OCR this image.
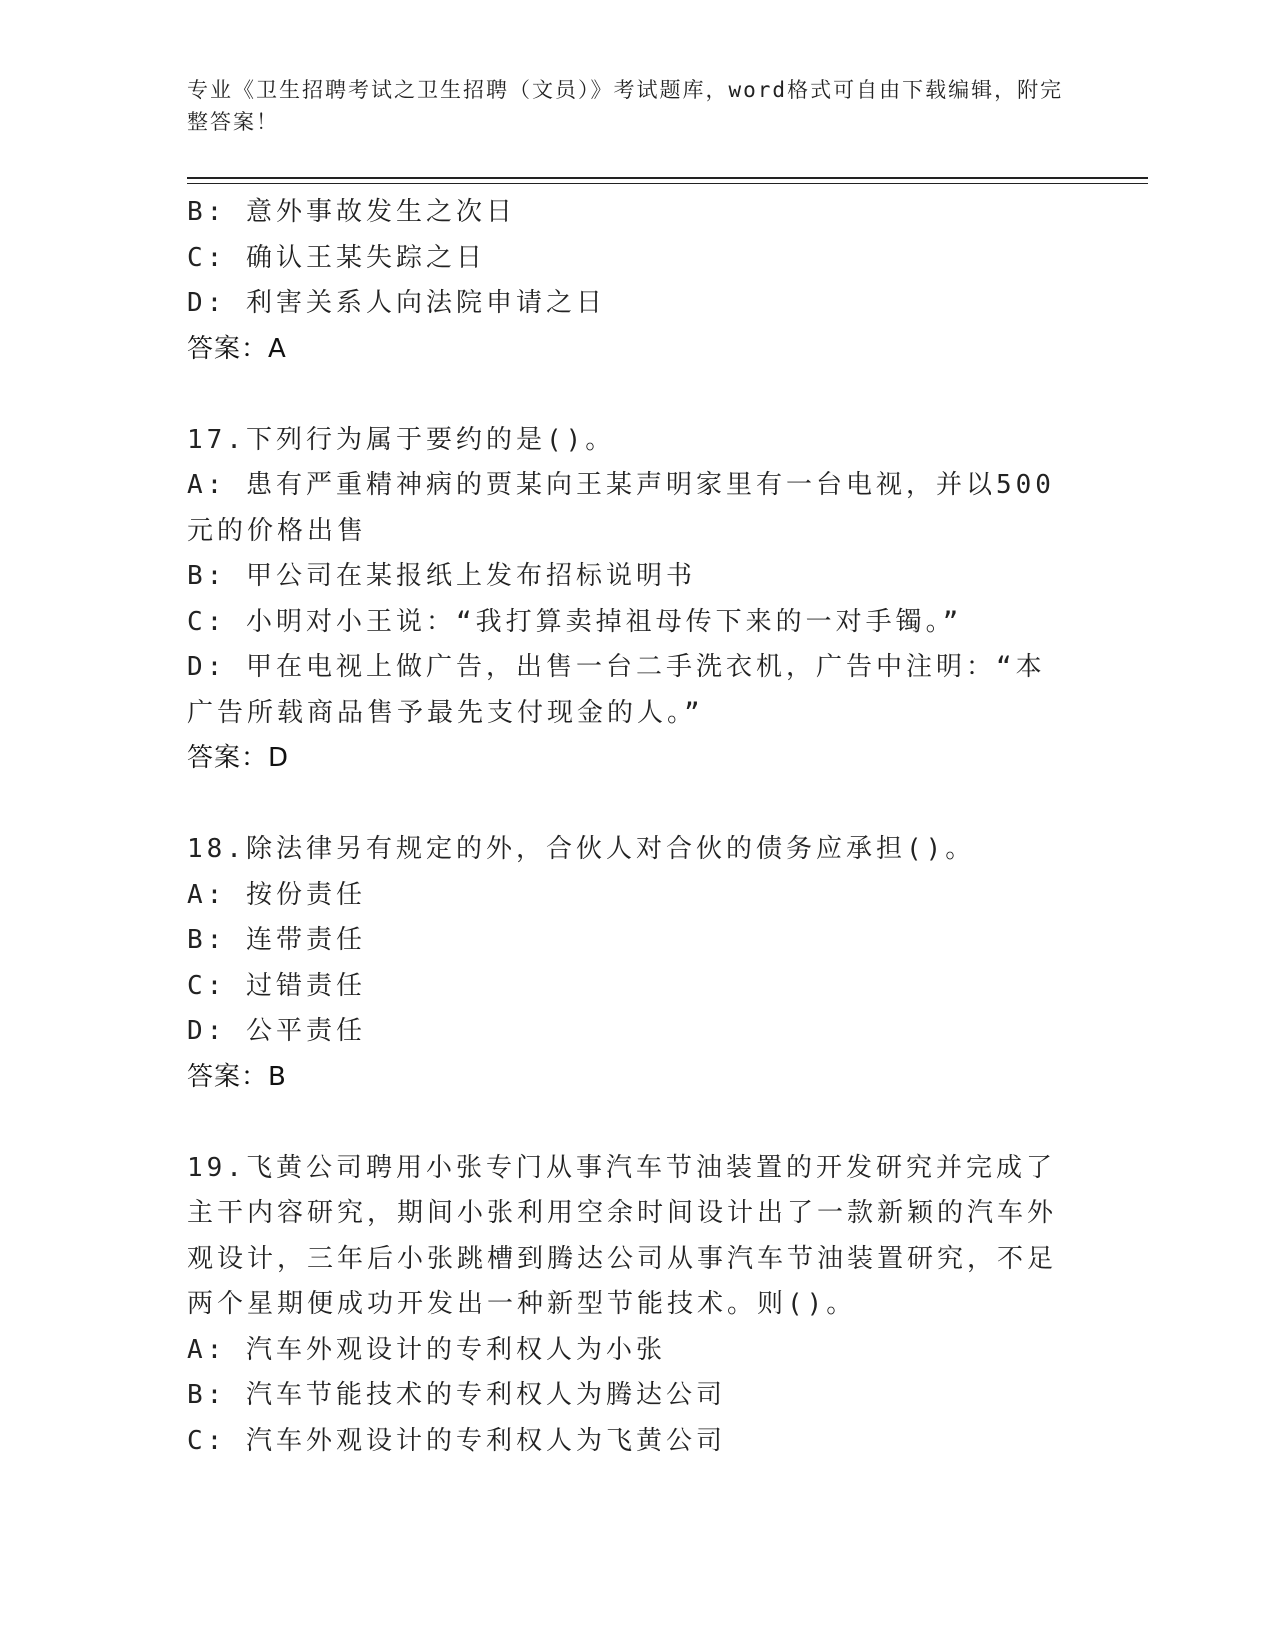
专业《卫生招聘考试之卫生招聘（文员）》考试题库，word格式可自由下载编辑，附完整答案！
B: 意外事故发生之次日
C: 确认王某失踪之日
D: 利害关系人向法院申请之日
答案：A
17.下列行为属于要约的是()。
A: 患有严重精神病的贾某向王某声明家里有一台电视，并以500元的价格出售
B: 甲公司在某报纸上发布招标说明书
C: 小明对小王说：“我打算卖掉祖母传下来的一对手镯。”
D: 甲在电视上做广告，出售一台二手洗衣机，广告中注明：“本广告所载商品售予最先支付现金的人。”
答案：D
18.除法律另有规定的外，合伙人对合伙的债务应承担()。
A: 按份责任
B: 连带责任
C: 过错责任
D: 公平责任
答案：B
19.飞黄公司聘用小张专门从事汽车节油装置的开发研究并完成了主干内容研究，期间小张利用空余时间设计出了一款新颖的汽车外观设计，三年后小张跳槽到腾达公司从事汽车节油装置研究，不足两个星期便成功开发出一种新型节能技术。则()。
A: 汽车外观设计的专利权人为小张
B: 汽车节能技术的专利权人为腾达公司
C: 汽车外观设计的专利权人为飞黄公司
